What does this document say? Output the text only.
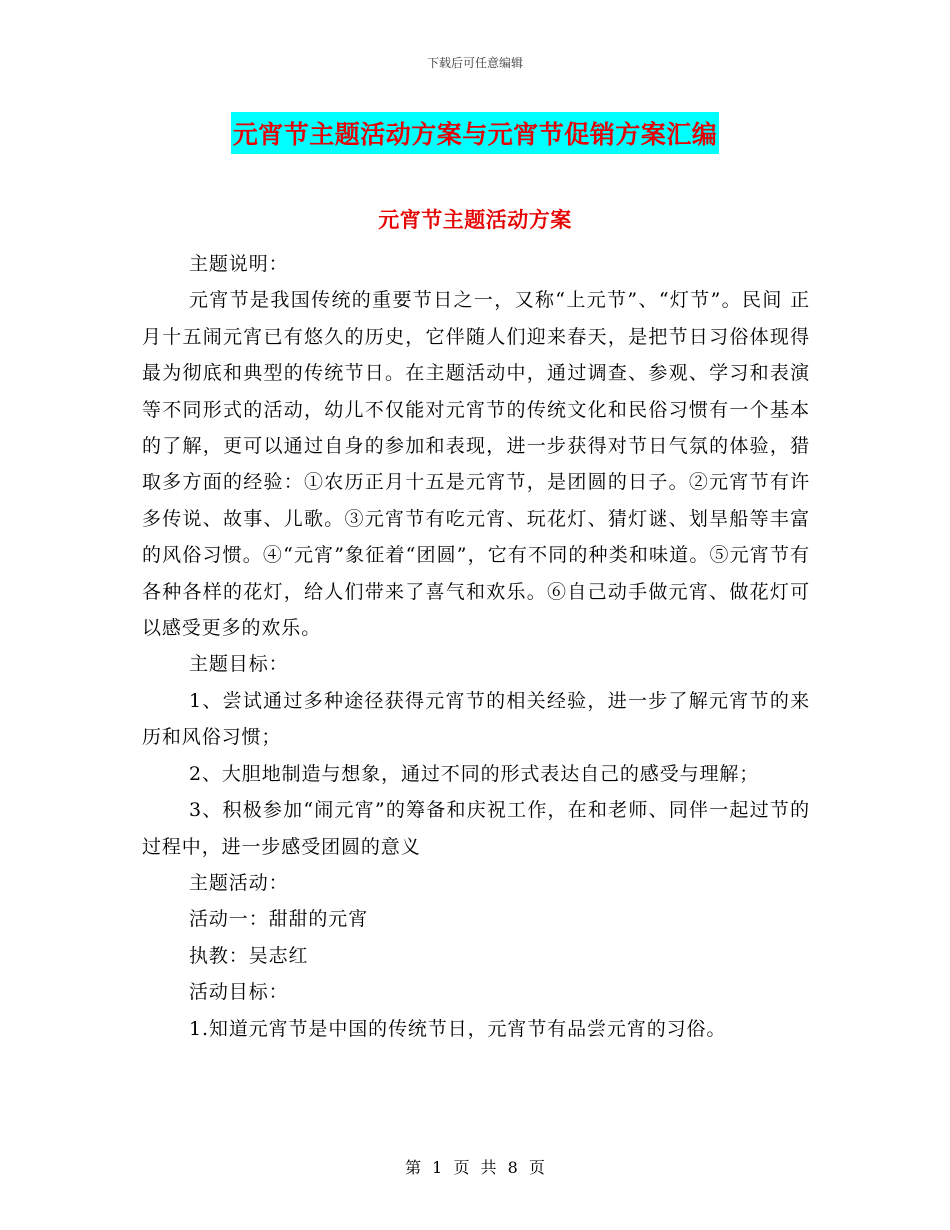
下载后可任意编辑
元宵节主题活动方案与元宵节促销方案汇编
元宵节主题活动方案

主题说明：

元宵节是我国传统的重要节日之一，又称“上元节”、“灯节”。民间 正月十五闹元宵已有悠久的历史，它伴随人们迎来春天，是把节日习俗体现得最为彻底和典型的传统节日。在主题活动中，通过调查、参观、学习和表演等不同形式的活动，幼儿不仅能对元宵节的传统文化和民俗习惯有一个基本的了解，更可以通过自身的参加和表现，进一步获得对节日气氛的体验，猎取多方面的经验：①农历正月十五是元宵节，是团圆的日子。②元宵节有许多传说、故事、儿歌。③元宵节有吃元宵、玩花灯、猜灯谜、划旱船等丰富的风俗习惯。④“元宵”象征着“团圆”，它有不同的种类和味道。⑤元宵节有各种各样的花灯，给人们带来了喜气和欢乐。⑥自己动手做元宵、做花灯可以感受更多的欢乐。

主题目标：

1、尝试通过多种途径获得元宵节的相关经验，进一步了解元宵节的来历和风俗习惯；

2、大胆地制造与想象，通过不同的形式表达自己的感受与理解；

3、积极参加“闹元宵”的筹备和庆祝工作，在和老师、同伴一起过节的过程中，进一步感受团圆的意义

主题活动：

活动一：甜甜的元宵

执教：吴志红

活动目标：

1.知道元宵节是中国的传统节日，元宵节有品尝元宵的习俗。

第 1 页 共 8 页
